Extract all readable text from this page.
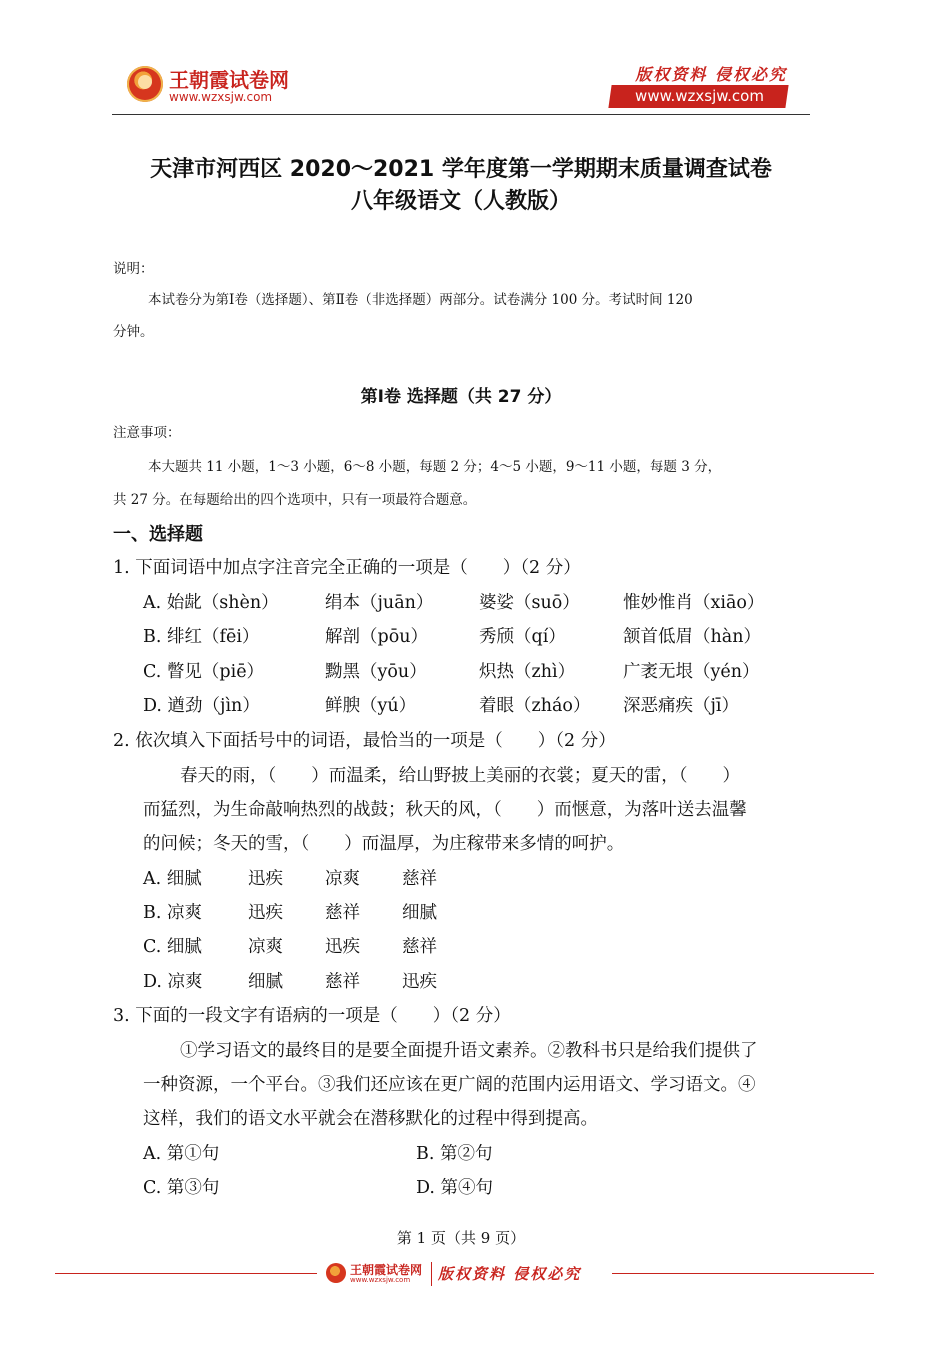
王朝霞试卷网
www.wzxsjw.com
版权资料 侵权必究
www.wzxsjw.com
天津市河西区 2020～2021 学年度第一学期期末质量调查试卷
八年级语文（人教版）
说明：
本试卷分为第Ⅰ卷（选择题）、第Ⅱ卷（非选择题）两部分。试卷满分 100 分。考试时间 120
分钟。
第Ⅰ卷 选择题（共 27 分）
注意事项：
本大题共 11 小题，1～3 小题，6～8 小题，每题 2 分；4～5 小题，9～11 小题，每题 3 分，
共 27 分。在每题给出的四个选项中，只有一项最符合题意。
一、选择题
1. 下面词语中加点字注音完全正确的一项是（　　）（2 分）
A. 始龀（shèn）	绢本（juān）	婆娑（suō） 惟妙惟肖（xiāo）
B. 绯红（fēi）	解剖（pōu）	秀颀（qí）	颔首低眉（hàn）
C. 瞥见（piē）	黝黑（yōu）	炽热（zhì）	广袤无垠（yén）
D. 遒劲（jìn）	鲜腴（yú）	着眼（zháo） 深恶痛疾（jī）
2. 依次填入下面括号中的词语，最恰当的一项是（　　）（2 分）
春天的雨，（　　）而温柔，给山野披上美丽的衣裳；夏天的雷，（　　）
而猛烈，为生命敲响热烈的战鼓；秋天的风，（　　）而惬意，为落叶送去温馨
的问候；冬天的雪，（　　）而温厚，为庄稼带来多情的呵护。
A. 细腻	迅疾 凉爽 慈祥
B. 凉爽	迅疾 慈祥 细腻
C. 细腻	凉爽 迅疾 慈祥
D. 凉爽	细腻 慈祥 迅疾
3. 下面的一段文字有语病的一项是（　　）（2 分）
①学习语文的最终目的是要全面提升语文素养。②教科书只是给我们提供了
一种资源，一个平台。③我们还应该在更广阔的范围内运用语文、学习语文。④
这样，我们的语文水平就会在潜移默化的过程中得到提高。
A. 第①句	B. 第②句
C. 第③句	D. 第④句
第 1 页（共 9 页）
王朝霞试卷网
www.wzxsjw.com 版权资料 侵权必究
